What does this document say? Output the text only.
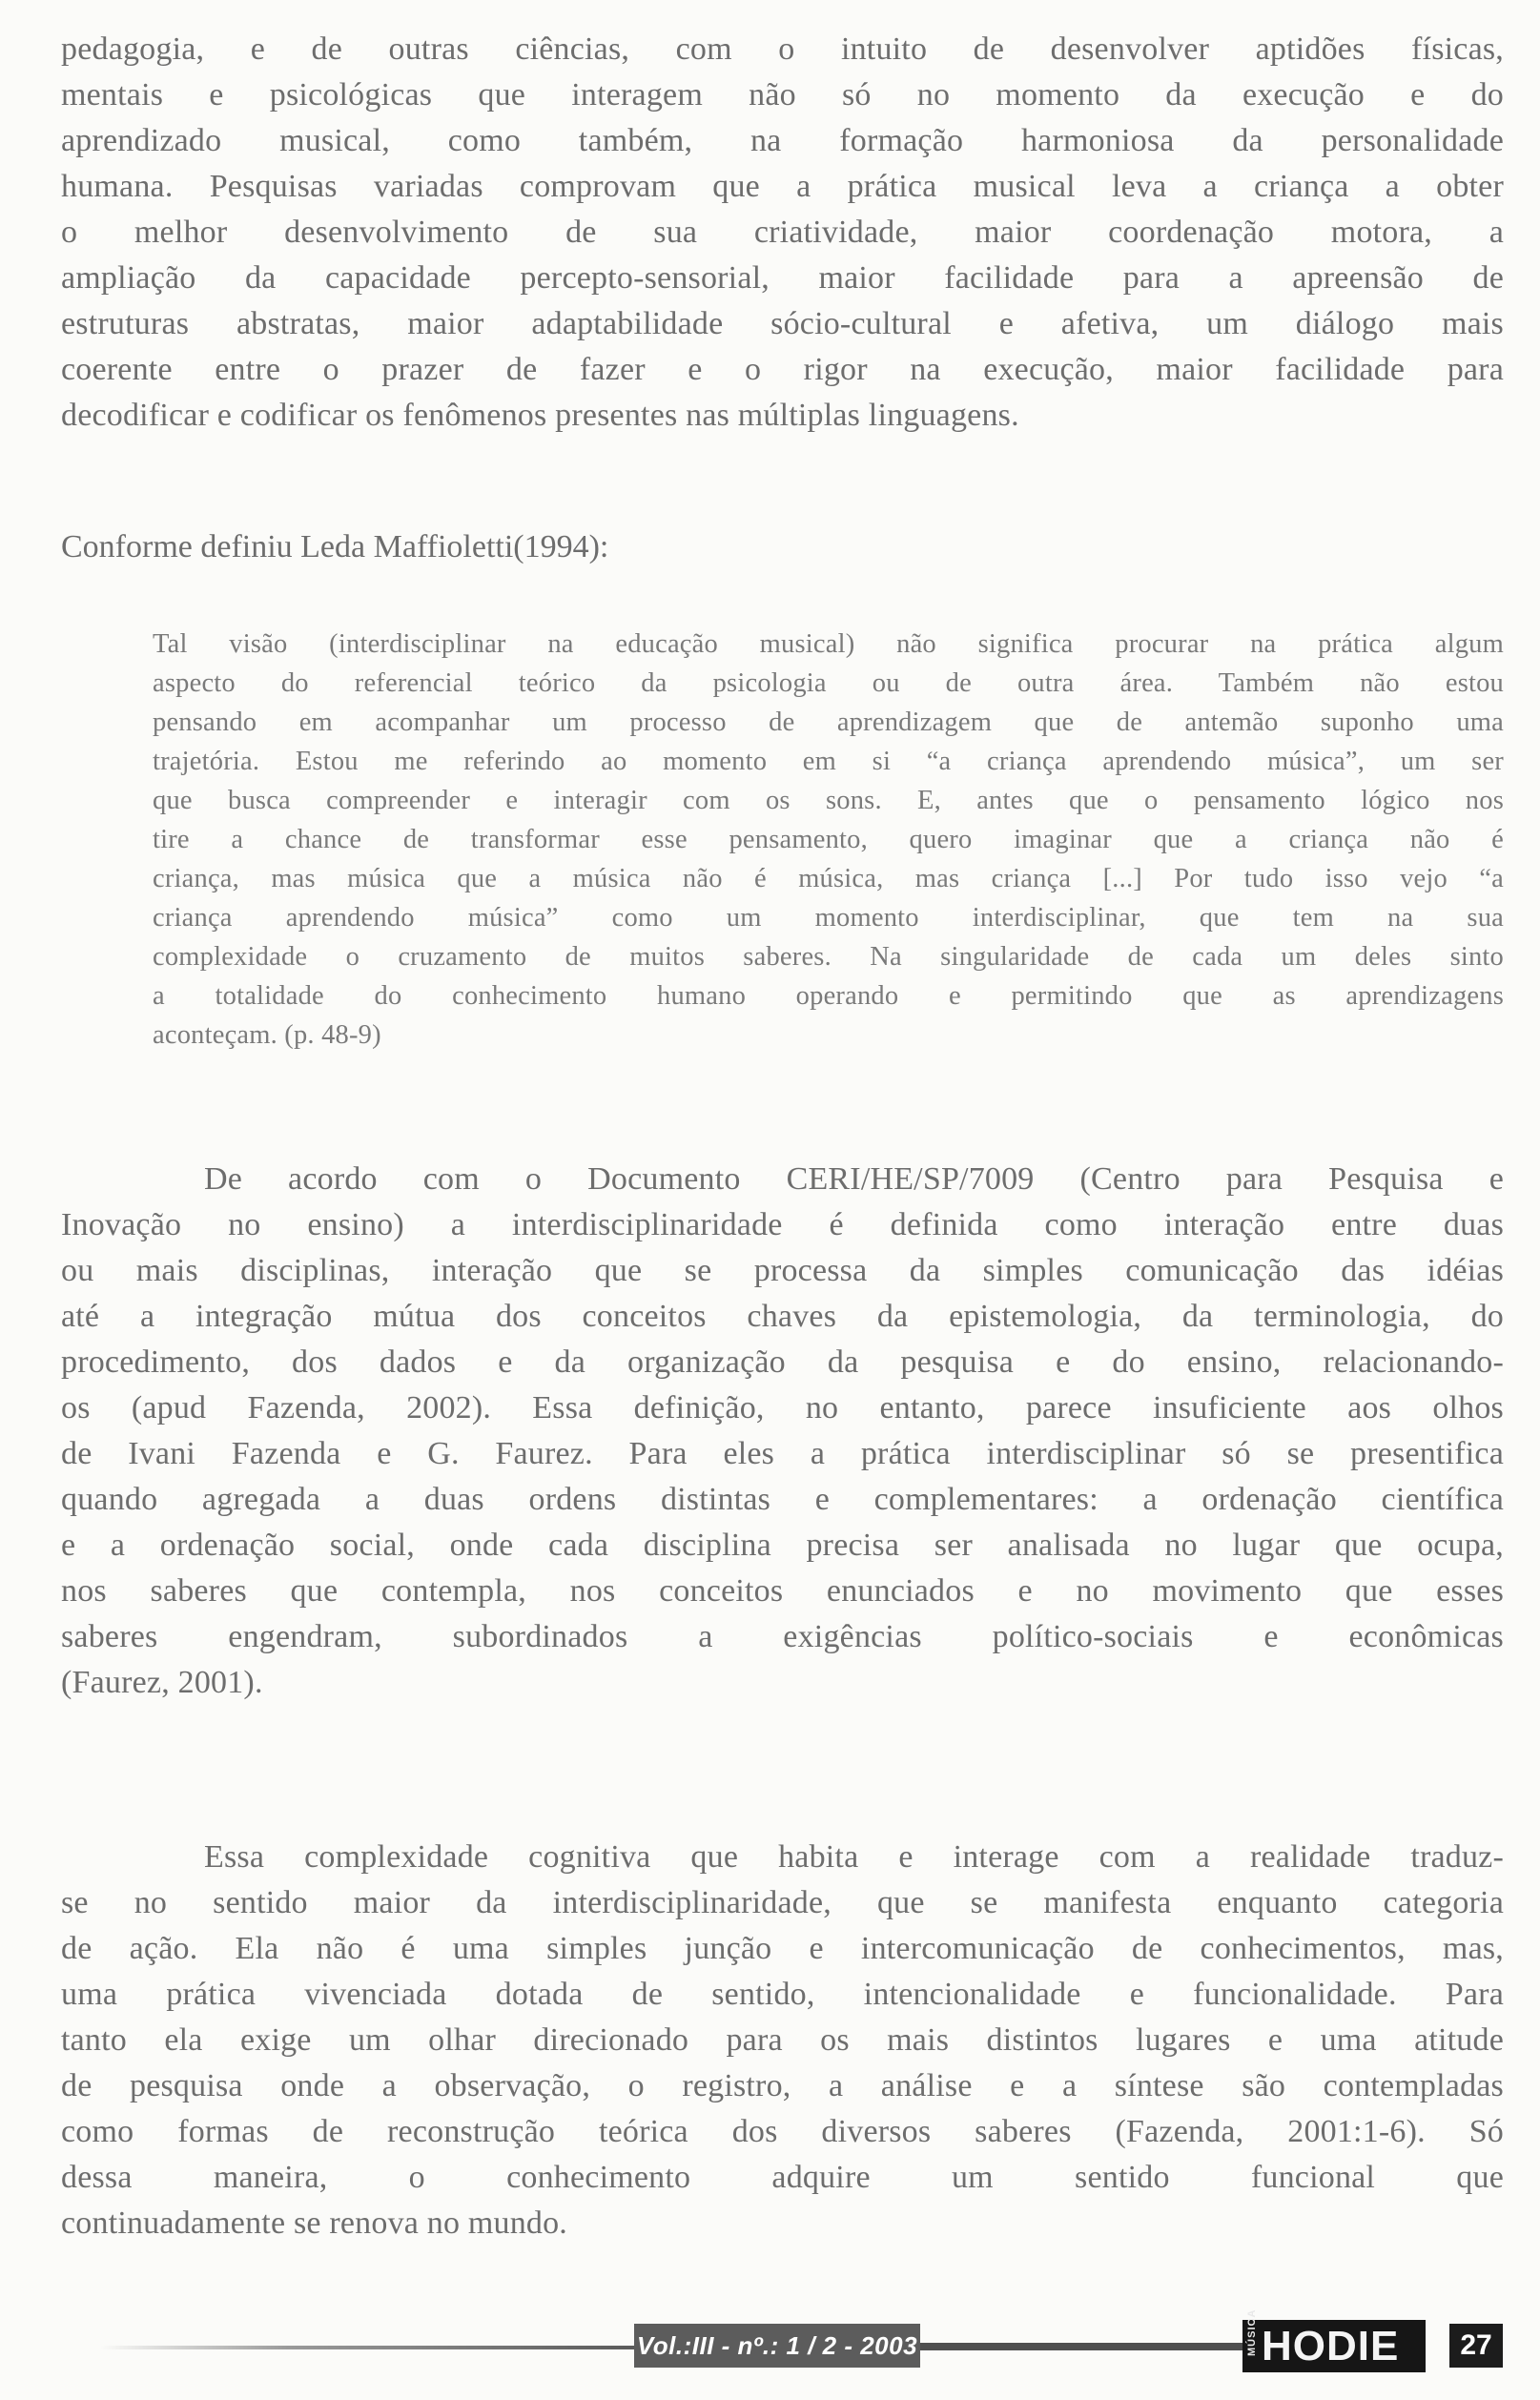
pedagogia, e de outras ciências, com o intuito de desenvolver aptidões físicas,
mentais e psicológicas que interagem não só no momento da execução e do
aprendizado musical, como também, na formação harmoniosa da personalidade
humana. Pesquisas variadas comprovam que a prática musical leva a criança a obter
o melhor desenvolvimento de sua criatividade, maior coordenação motora, a
ampliação da capacidade percepto-sensorial, maior facilidade para a apreensão de
estruturas abstratas, maior adaptabilidade sócio-cultural e afetiva, um diálogo mais
coerente entre o prazer de fazer e o rigor na execução, maior facilidade para
decodificar e codificar os fenômenos presentes nas múltiplas linguagens.
Conforme definiu Leda Maffioletti(1994):
Tal visão (interdisciplinar na educação musical) não significa procurar na prática algum
aspecto do referencial teórico da psicologia ou de outra área. Também não estou
pensando em acompanhar um processo de aprendizagem que de antemão suponho uma
trajetória. Estou me referindo ao momento em si “a criança aprendendo música”, um ser
que busca compreender e interagir com os sons. E, antes que o pensamento lógico nos
tire a chance de transformar esse pensamento, quero imaginar que a criança não é
criança, mas música que a música não é música, mas criança [...] Por tudo isso vejo “a
criança aprendendo música” como um momento interdisciplinar, que tem na sua
complexidade o cruzamento de muitos saberes. Na singularidade de cada um deles sinto
a totalidade do conhecimento humano operando e permitindo que as aprendizagens
aconteçam. (p. 48-9)
De acordo com o Documento CERI/HE/SP/7009 (Centro para Pesquisa e
Inovação no ensino) a interdisciplinaridade é definida como interação entre duas
ou mais disciplinas, interação que se processa da simples comunicação das idéias
até a integração mútua dos conceitos chaves da epistemologia, da terminologia, do
procedimento, dos dados e da organização da pesquisa e do ensino, relacionando-
os (apud Fazenda, 2002). Essa definição, no entanto, parece insuficiente aos olhos
de Ivani Fazenda e G. Faurez. Para eles a prática interdisciplinar só se presentifica
quando agregada a duas ordens distintas e complementares: a ordenação científica
e a ordenação social, onde cada disciplina precisa ser analisada no lugar que ocupa,
nos saberes que contempla, nos conceitos enunciados e no movimento que esses
saberes engendram, subordinados a exigências político-sociais e econômicas
(Faurez, 2001).
Essa complexidade cognitiva que habita e interage com a realidade traduz-
se no sentido maior da interdisciplinaridade, que se manifesta enquanto categoria
de ação. Ela não é uma simples junção e intercomunicação de conhecimentos, mas,
uma prática vivenciada dotada de sentido, intencionalidade e funcionalidade. Para
tanto ela exige um olhar direcionado para os mais distintos lugares e uma atitude
de pesquisa onde a observação, o registro, a análise e a síntese são contempladas
como formas de reconstrução teórica dos diversos saberes (Fazenda, 2001:1-6). Só
dessa maneira, o conhecimento adquire um sentido funcional que
continuadamente se renova no mundo.
Vol.:III - nº.: 1 / 2 - 2003	MÚSICA HODIE 27
